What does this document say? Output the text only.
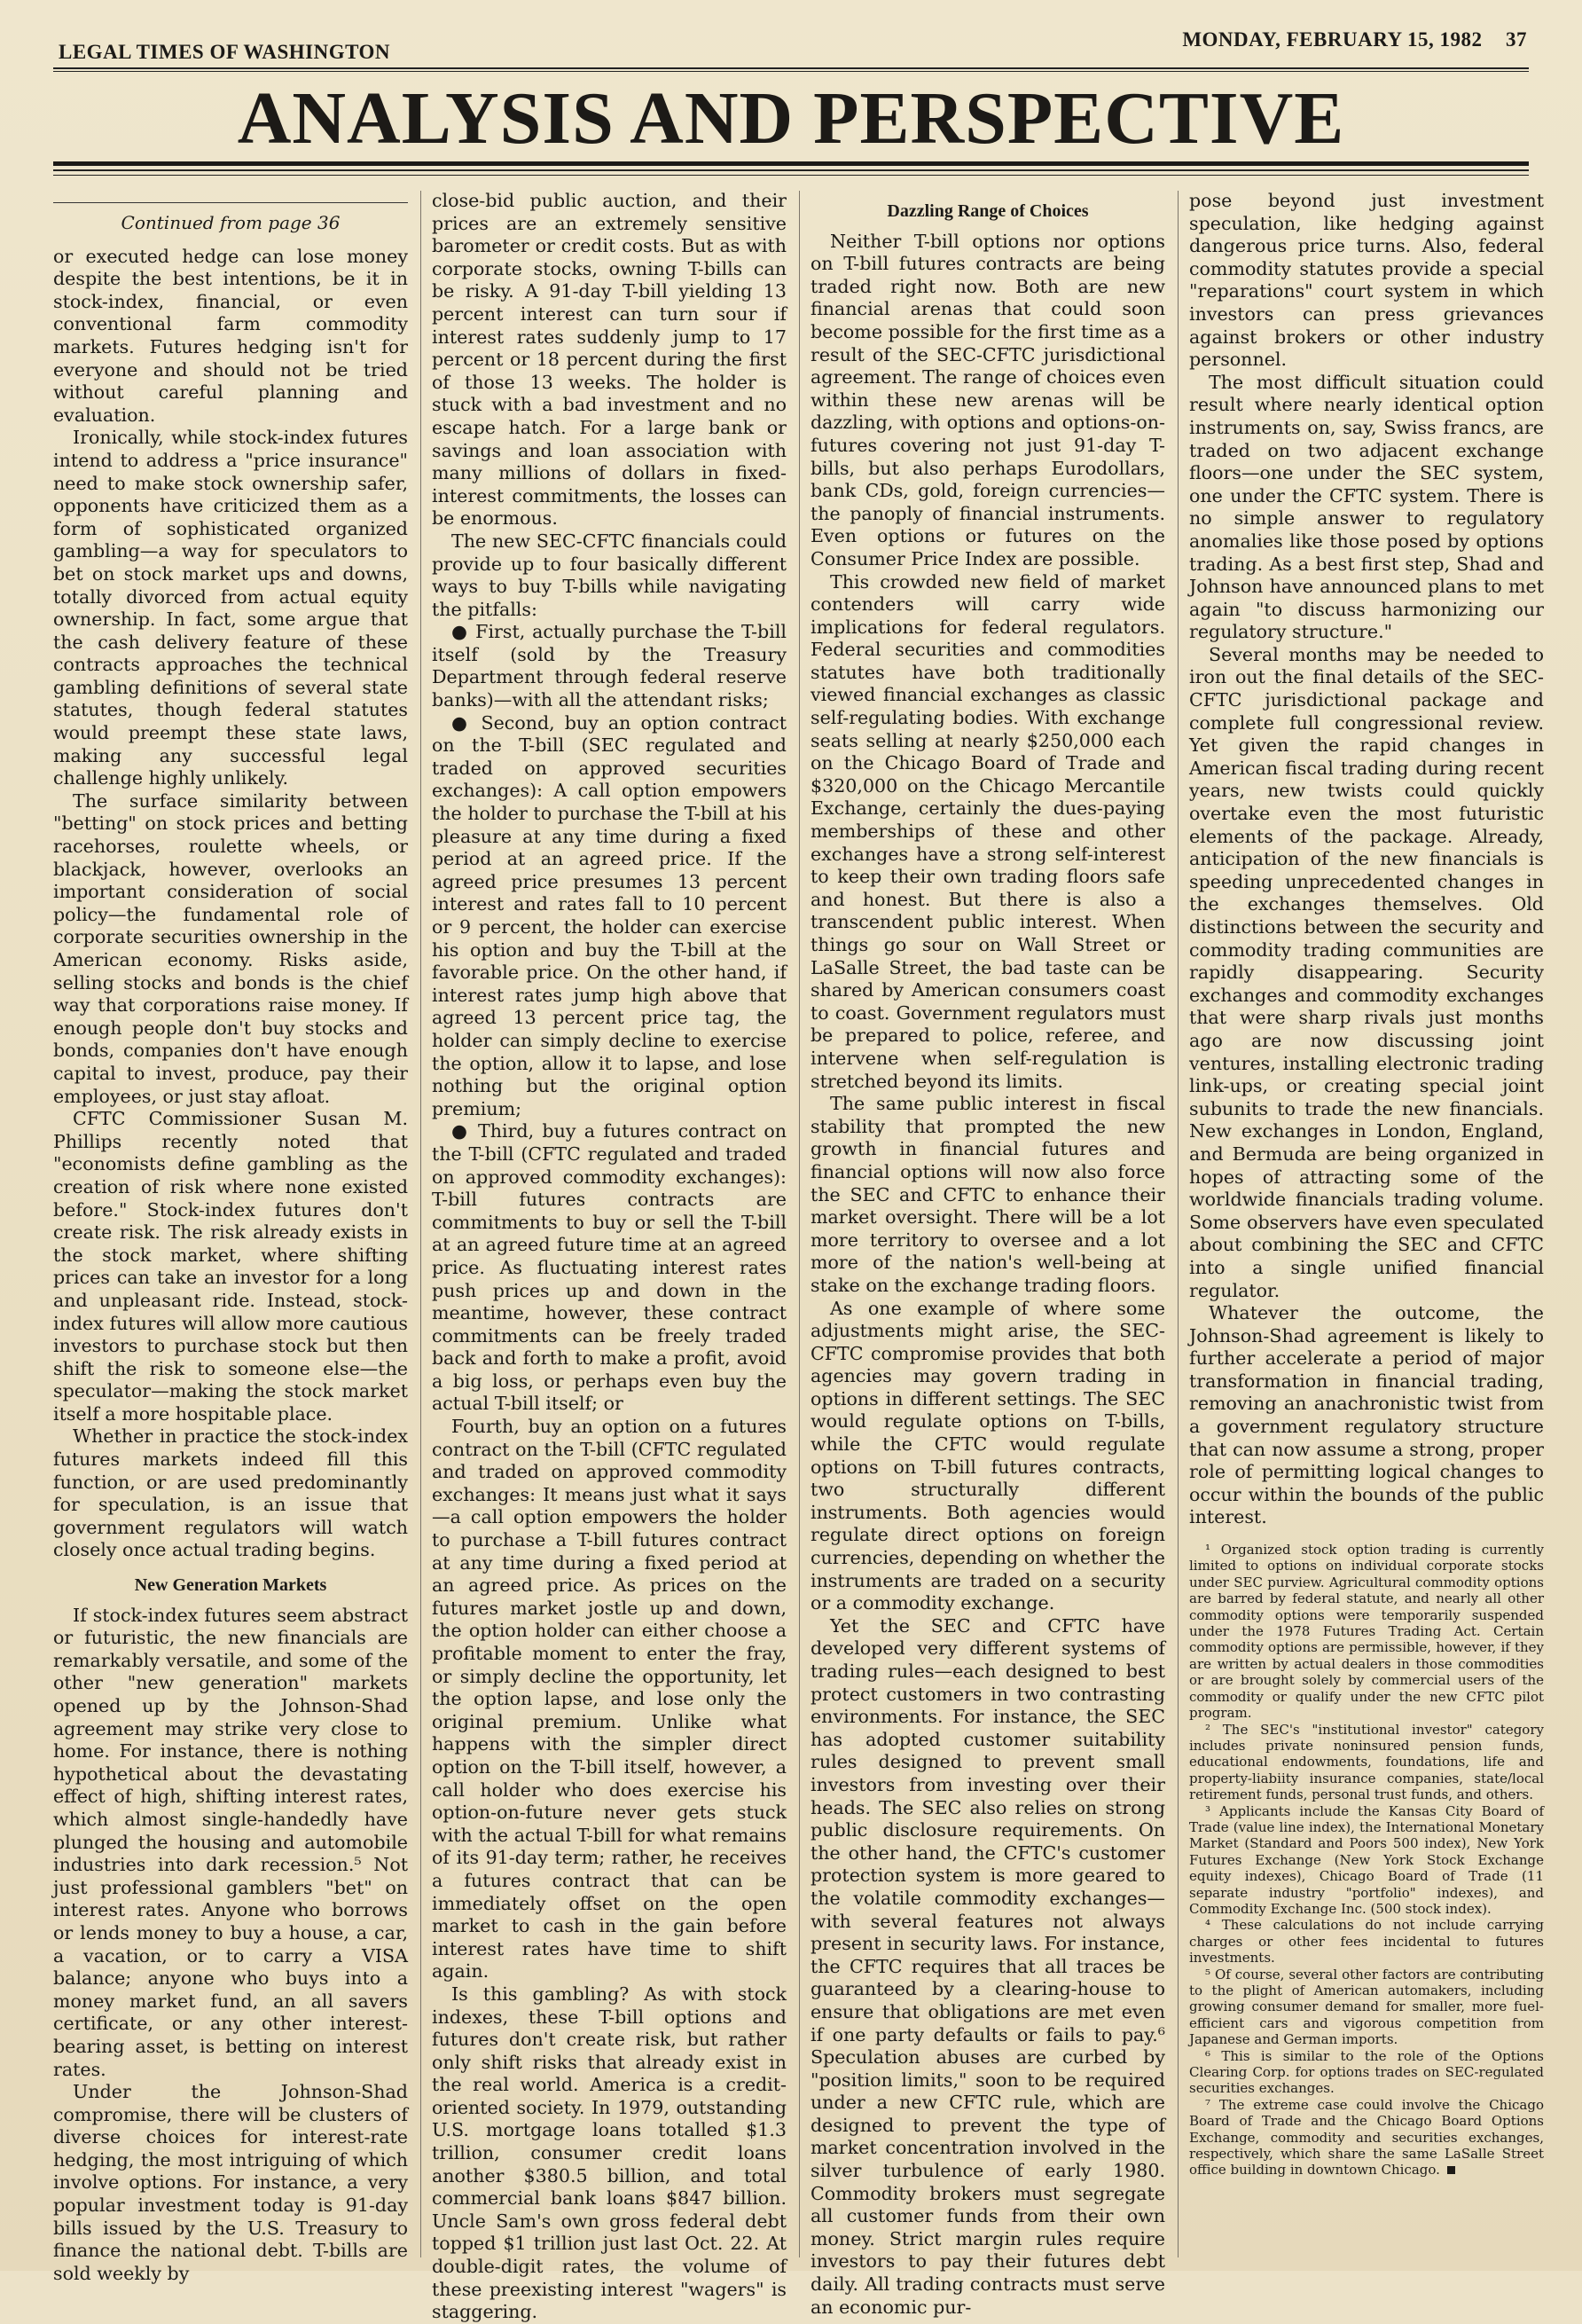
LEGAL TIMES OF WASHINGTON
MONDAY, FEBRUARY 15, 1982 37
ANALYSIS AND PERSPECTIVE
Continued from page 36

or executed hedge can lose money despite the best intentions, be it in stock-index, financial, or even conventional farm commodity markets. Futures hedging isn't for everyone and should not be tried without careful planning and evaluation.

Ironically, while stock-index futures intend to address a "price insurance" need to make stock ownership safer, opponents have criticized them as a form of sophisticated organized gambling—a way for speculators to bet on stock market ups and downs, totally divorced from actual equity ownership. In fact, some argue that the cash delivery feature of these contracts approaches the technical gambling definitions of several state statutes, though federal statutes would preempt these state laws, making any successful legal challenge highly unlikely.

The surface similarity between "betting" on stock prices and betting racehorses, roulette wheels, or blackjack, however, overlooks an important consideration of social policy—the fundamental role of corporate securities ownership in the American economy. Risks aside, selling stocks and bonds is the chief way that corporations raise money. If enough people don't buy stocks and bonds, companies don't have enough capital to invest, produce, pay their employees, or just stay afloat.

CFTC Commissioner Susan M. Phillips recently noted that "economists define gambling as the creation of risk where none existed before." Stock-index futures don't create risk. The risk already exists in the stock market, where shifting prices can take an investor for a long and unpleasant ride. Instead, stock-index futures will allow more cautious investors to purchase stock but then shift the risk to someone else—the speculator—making the stock market itself a more hospitable place.

Whether in practice the stock-index futures markets indeed fill this function, or are used predominantly for speculation, is an issue that government regulators will watch closely once actual trading begins.

New Generation Markets

If stock-index futures seem abstract or futuristic, the new financials are remarkably versatile, and some of the other "new generation" markets opened up by the Johnson-Shad agreement may strike very close to home. For instance, there is nothing hypothetical about the devastating effect of high, shifting interest rates, which almost single-handedly have plunged the housing and automobile industries into dark recession.⁵ Not just professional gamblers "bet" on interest rates. Anyone who borrows or lends money to buy a house, a car, a vacation, or to carry a VISA balance; anyone who buys into a money market fund, an all savers certificate, or any other interest-bearing asset, is betting on interest rates.

Under the Johnson-Shad compromise, there will be clusters of diverse choices for interest-rate hedging, the most intriguing of which involve options. For instance, a very popular investment today is 91-day bills issued by the U.S. Treasury to finance the national debt. T-bills are sold weekly by

close-bid public auction, and their prices are an extremely sensitive barometer or credit costs. But as with corporate stocks, owning T-bills can be risky. A 91-day T-bill yielding 13 percent interest can turn sour if interest rates suddenly jump to 17 percent or 18 percent during the first of those 13 weeks. The holder is stuck with a bad investment and no escape hatch. For a large bank or savings and loan association with many millions of dollars in fixed-interest commitments, the losses can be enormous.

The new SEC-CFTC financials could provide up to four basically different ways to buy T-bills while navigating the pitfalls:

● First, actually purchase the T-bill itself (sold by the Treasury Department through federal reserve banks)—with all the attendant risks;

● Second, buy an option contract on the T-bill (SEC regulated and traded on approved securities exchanges): A call option empowers the holder to purchase the T-bill at his pleasure at any time during a fixed period at an agreed price. If the agreed price presumes 13 percent interest and rates fall to 10 percent or 9 percent, the holder can exercise his option and buy the T-bill at the favorable price. On the other hand, if interest rates jump high above that agreed 13 percent price tag, the holder can simply decline to exercise the option, allow it to lapse, and lose nothing but the original option premium;

● Third, buy a futures contract on the T-bill (CFTC regulated and traded on approved commodity exchanges): T-bill futures contracts are commitments to buy or sell the T-bill at an agreed future time at an agreed price. As fluctuating interest rates push prices up and down in the meantime, however, these contract commitments can be freely traded back and forth to make a profit, avoid a big loss, or perhaps even buy the actual T-bill itself; or

Fourth, buy an option on a futures contract on the T-bill (CFTC regulated and traded on approved commodity exchanges: It means just what it says—a call option empowers the holder to purchase a T-bill futures contract at any time during a fixed period at an agreed price. As prices on the futures market jostle up and down, the option holder can either choose a profitable moment to enter the fray, or simply decline the opportunity, let the option lapse, and lose only the original premium. Unlike what happens with the simpler direct option on the T-bill itself, however, a call holder who does exercise his option-on-future never gets stuck with the actual T-bill for what remains of its 91-day term; rather, he receives a futures contract that can be immediately offset on the open market to cash in the gain before interest rates have time to shift again.

Is this gambling? As with stock indexes, these T-bill options and futures don't create risk, but rather only shift risks that already exist in the real world. America is a credit-oriented society. In 1979, outstanding U.S. mortgage loans totalled $1.3 trillion, consumer credit loans another $380.5 billion, and total commercial bank loans $847 billion. Uncle Sam's own gross federal debt topped $1 trillion just last Oct. 22. At double-digit rates, the volume of these preexisting interest "wagers" is staggering.

Dazzling Range of Choices

Neither T-bill options nor options on T-bill futures contracts are being traded right now. Both are new financial arenas that could soon become possible for the first time as a result of the SEC-CFTC jurisdictional agreement. The range of choices even within these new arenas will be dazzling, with options and options-on-futures covering not just 91-day T-bills, but also perhaps Eurodollars, bank CDs, gold, foreign currencies—the panoply of financial instruments. Even options or futures on the Consumer Price Index are possible.

This crowded new field of market contenders will carry wide implications for federal regulators. Federal securities and commodities statutes have both traditionally viewed financial exchanges as classic self-regulating bodies. With exchange seats selling at nearly $250,000 each on the Chicago Board of Trade and $320,000 on the Chicago Mercantile Exchange, certainly the dues-paying memberships of these and other exchanges have a strong self-interest to keep their own trading floors safe and honest. But there is also a transcendent public interest. When things go sour on Wall Street or LaSalle Street, the bad taste can be shared by American consumers coast to coast. Government regulators must be prepared to police, referee, and intervene when self-regulation is stretched beyond its limits.

The same public interest in fiscal stability that prompted the new growth in financial futures and financial options will now also force the SEC and CFTC to enhance their market oversight. There will be a lot more territory to oversee and a lot more of the nation's well-being at stake on the exchange trading floors.

As one example of where some adjustments might arise, the SEC-CFTC compromise provides that both agencies may govern trading in options in different settings. The SEC would regulate options on T-bills, while the CFTC would regulate options on T-bill futures contracts, two structurally different instruments. Both agencies would regulate direct options on foreign currencies, depending on whether the instruments are traded on a security or a commodity exchange.

Yet the SEC and CFTC have developed very different systems of trading rules—each designed to best protect customers in two contrasting environments. For instance, the SEC has adopted customer suitability rules designed to prevent small investors from investing over their heads. The SEC also relies on strong public disclosure requirements. On the other hand, the CFTC's customer protection system is more geared to the volatile commodity exchanges—with several features not always present in security laws. For instance, the CFTC requires that all traces be guaranteed by a clearing-house to ensure that obligations are met even if one party defaults or fails to pay.⁶ Speculation abuses are curbed by "position limits," soon to be required under a new CFTC rule, which are designed to prevent the type of market concentration involved in the silver turbulence of early 1980. Commodity brokers must segregate all customer funds from their own money. Strict margin rules require investors to pay their futures debt daily. All trading contracts must serve an economic pur-

pose beyond just investment speculation, like hedging against dangerous price turns. Also, federal commodity statutes provide a special "reparations" court system in which investors can press grievances against brokers or other industry personnel.

The most difficult situation could result where nearly identical option instruments on, say, Swiss francs, are traded on two adjacent exchange floors—one under the SEC system, one under the CFTC system. There is no simple answer to regulatory anomalies like those posed by options trading. As a best first step, Shad and Johnson have announced plans to met again "to discuss harmonizing our regulatory structure."

Several months may be needed to iron out the final details of the SEC-CFTC jurisdictional package and complete full congressional review. Yet given the rapid changes in American fiscal trading during recent years, new twists could quickly overtake even the most futuristic elements of the package. Already, anticipation of the new financials is speeding unprecedented changes in the exchanges themselves. Old distinctions between the security and commodity trading communities are rapidly disappearing. Security exchanges and commodity exchanges that were sharp rivals just months ago are now discussing joint ventures, installing electronic trading link-ups, or creating special joint subunits to trade the new financials. New exchanges in London, England, and Bermuda are being organized in hopes of attracting some of the worldwide financials trading volume. Some observers have even speculated about combining the SEC and CFTC into a single unified financial regulator.

Whatever the outcome, the Johnson-Shad agreement is likely to further accelerate a period of major transformation in financial trading, removing an anachronistic twist from a government regulatory structure that can now assume a strong, proper role of permitting logical changes to occur within the bounds of the public interest.

¹ Organized stock option trading is currently limited to options on individual corporate stocks under SEC purview. Agricultural commodity options are barred by federal statute, and nearly all other commodity options were temporarily suspended under the 1978 Futures Trading Act. Certain commodity options are permissible, however, if they are written by actual dealers in those commodities or are brought solely by commercial users of the commodity or qualify under the new CFTC pilot program.

² The SEC's "institutional investor" category includes private noninsured pension funds, educational endowments, foundations, life and property-liabiity insurance companies, state/local retirement funds, personal trust funds, and others.

³ Applicants include the Kansas City Board of Trade (value line index), the International Monetary Market (Standard and Poors 500 index), New York Futures Exchange (New York Stock Exchange equity indexes), Chicago Board of Trade (11 separate industry "portfolio" indexes), and Commodity Exchange Inc. (500 stock index).

⁴ These calculations do not include carrying charges or other fees incidental to futures investments.

⁵ Of course, several other factors are contributing to the plight of American automakers, including growing consumer demand for smaller, more fuel-efficient cars and vigorous competition from Japanese and German imports.

⁶ This is similar to the role of the Options Clearing Corp. for options trades on SEC-regulated securities exchanges.

⁷ The extreme case could involve the Chicago Board of Trade and the Chicago Board Options Exchange, commodity and securities exchanges, respectively, which share the same LaSalle Street office building in downtown Chicago.
